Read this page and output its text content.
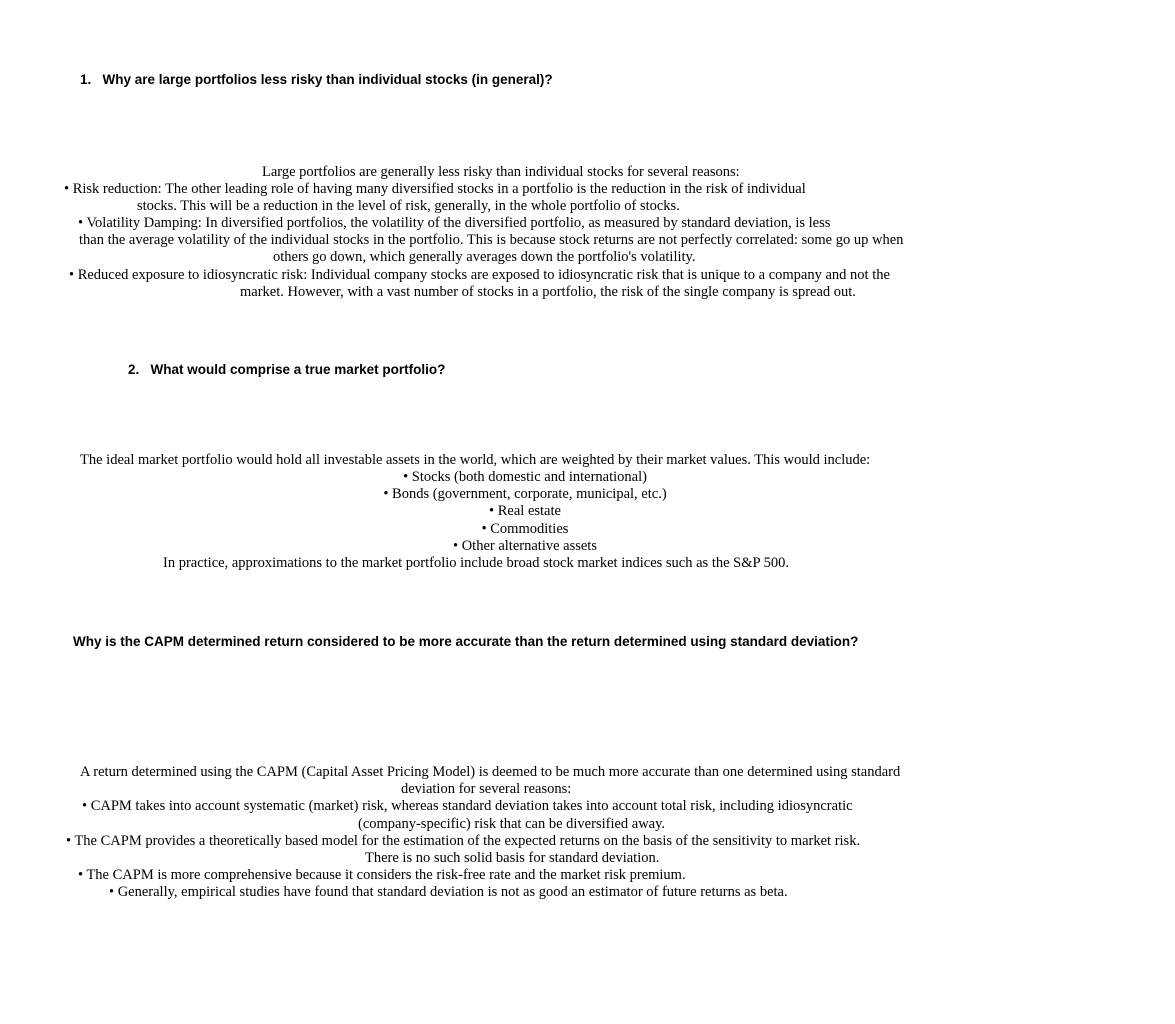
1. Why are large portfolios less risky than individual stocks (in general)?
Large portfolios are generally less risky than individual stocks for several reasons:
• Risk reduction: The other leading role of having many diversified stocks in a portfolio is the reduction in the risk of individual
stocks. This will be a reduction in the level of risk, generally, in the whole portfolio of stocks.
• Volatility Damping: In diversified portfolios, the volatility of the diversified portfolio, as measured by standard deviation, is less
than the average volatility of the individual stocks in the portfolio. This is because stock returns are not perfectly correlated: some go up when
others go down, which generally averages down the portfolio's volatility.
• Reduced exposure to idiosyncratic risk: Individual company stocks are exposed to idiosyncratic risk that is unique to a company and not the
market. However, with a vast number of stocks in a portfolio, the risk of the single company is spread out.
2. What would comprise a true market portfolio?
The ideal market portfolio would hold all investable assets in the world, which are weighted by their market values. This would include:
• Stocks (both domestic and international)
• Bonds (government, corporate, municipal, etc.)
• Real estate
• Commodities
• Other alternative assets
In practice, approximations to the market portfolio include broad stock market indices such as the S&P 500.
Why is the CAPM determined return considered to be more accurate than the return determined using standard deviation?
A return determined using the CAPM (Capital Asset Pricing Model) is deemed to be much more accurate than one determined using standard
deviation for several reasons:
• CAPM takes into account systematic (market) risk, whereas standard deviation takes into account total risk, including idiosyncratic
(company-specific) risk that can be diversified away.
• The CAPM provides a theoretically based model for the estimation of the expected returns on the basis of the sensitivity to market risk.
There is no such solid basis for standard deviation.
• The CAPM is more comprehensive because it considers the risk-free rate and the market risk premium.
• Generally, empirical studies have found that standard deviation is not as good an estimator of future returns as beta.
